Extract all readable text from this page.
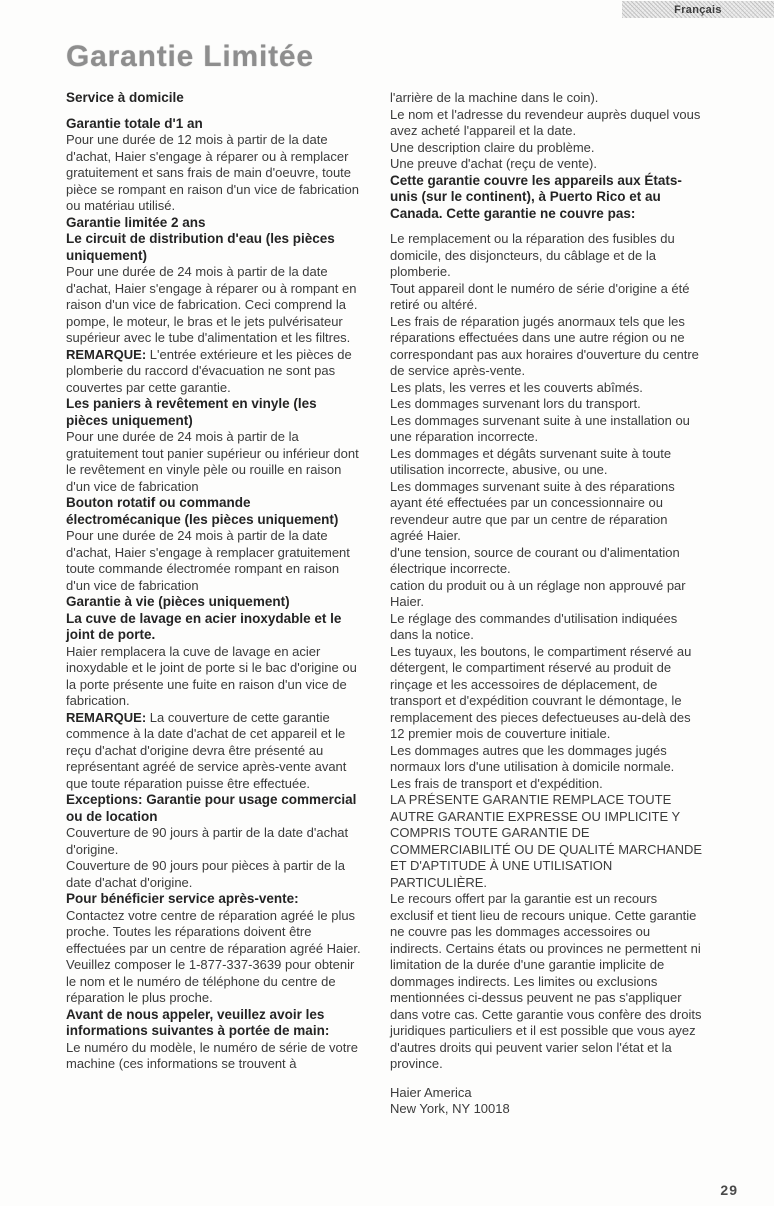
Français
Garantie Limitée

Service à domicile

Garantie totale d'1 an

Pour une durée de 12 mois à partir de la date d'achat, Haier s'engage à réparer ou à remplacer gratuitement et sans frais de main d'oeuvre, toute pièce se rompant en raison d'un vice de fabrication ou matériau utilisé.

Garantie limitée 2 ans

Le circuit de distribution d'eau (les pièces uniquement)

Pour une durée de 24 mois à partir de la date d'achat, Haier s'engage à réparer ou à rompant en raison d'un vice de fabrication. Ceci comprend la pompe, le moteur, le bras et le jets pulvérisateur supérieur avec le tube d'alimentation et les filtres.

REMARQUE: L'entrée extérieure et les pièces de plomberie du raccord d'évacuation ne sont pas couvertes par cette garantie.

Les paniers à revêtement en vinyle (les pièces uniquement)

Pour une durée de 24 mois à partir de la gratuitement tout panier supérieur ou inférieur dont le revêtement en vinyle pèle ou rouille en raison d'un vice de fabrication

Bouton rotatif ou commande électromécanique (les pièces uniquement)

Pour une durée de 24 mois à partir de la date d'achat, Haier s'engage à remplacer gratuitement toute commande électromée rompant en raison d'un vice de fabrication

Garantie à vie (pièces uniquement)

La cuve de lavage en acier inoxydable et le joint de porte.

Haier remplacera la cuve de lavage en acier inoxydable et le joint de porte si le bac d'origine ou la porte présente une fuite en raison d'un vice de fabrication.

REMARQUE: La couverture de cette garantie commence à la date d'achat de cet appareil et le reçu d'achat d'origine devra être présenté au représentant agréé de service après-vente avant que toute réparation puisse être effectuée.

Exceptions: Garantie pour usage commercial ou de location

Couverture de 90 jours à partir de la date d'achat d'origine.

Couverture de 90 jours pour pièces à partir de la date d'achat d'origine.

Pour bénéficier service après-vente:

Contactez votre centre de réparation agréé le plus proche. Toutes les réparations doivent être effectuées par un centre de réparation agréé Haier. Veuillez composer le 1-877-337-3639 pour obtenir le nom et le numéro de téléphone du centre de réparation le plus proche.

Avant de nous appeler, veuillez avoir les informations suivantes à portée de main:

Le numéro du modèle, le numéro de série de votre machine (ces informations se trouvent à

l'arrière de la machine dans le coin).

Le nom et l'adresse du revendeur auprès duquel vous avez acheté l'appareil et la date.

Une description claire du problème.

Une preuve d'achat (reçu de vente).

Cette garantie couvre les appareils aux États-unis (sur le continent), à Puerto Rico et au Canada. Cette garantie ne couvre pas:

Le remplacement ou la réparation des fusibles du domicile, des disjoncteurs, du câblage et de la plomberie.

Tout appareil dont le numéro de série d'origine a été retiré ou altéré.

Les frais de réparation jugés anormaux tels que les réparations effectuées dans une autre région ou ne correspondant pas aux horaires d'ouverture du centre de service après-vente.

Les plats, les verres et les couverts abîmés.

Les dommages survenant lors du transport.

Les dommages survenant suite à une installation ou une réparation incorrecte.

Les dommages et dégâts survenant suite à toute utilisation incorrecte, abusive, ou une.

Les dommages survenant suite à des réparations ayant été effectuées par un concessionnaire ou revendeur autre que par un centre de réparation agréé Haier.

d'une tension, source de courant ou d'alimentation électrique incorrecte.

cation du produit ou à un réglage non approuvé par Haier.

Le réglage des commandes d'utilisation indiquées dans la notice.

Les tuyaux, les boutons, le compartiment réservé au détergent, le compartiment réservé au produit de rinçage et les accessoires de déplacement, de transport et d'expédition couvrant le démontage, le remplacement des pieces defectueuses au-delà des 12 premier mois de couverture initiale.

Les dommages autres que les dommages jugés normaux lors d'une utilisation à domicile normale.

Les frais de transport et d'expédition.

LA PRÉSENTE GARANTIE REMPLACE TOUTE AUTRE GARANTIE EXPRESSE OU IMPLICITE Y COMPRIS TOUTE GARANTIE DE COMMERCIABILITÉ OU DE QUALITÉ MARCHANDE ET D'APTITUDE À UNE UTILISATION PARTICULIÈRE.

Le recours offert par la garantie est un recours exclusif et tient lieu de recours unique. Cette garantie ne couvre pas les dommages accessoires ou indirects. Certains états ou provinces ne permettent ni limitation de la durée d'une garantie implicite de dommages indirects. Les limites ou exclusions mentionnées ci-dessus peuvent ne pas s'appliquer dans votre cas. Cette garantie vous confère des droits juridiques particuliers et il est possible que vous ayez d'autres droits qui peuvent varier selon l'état et la province.

Haier America
New York, NY 10018
29
